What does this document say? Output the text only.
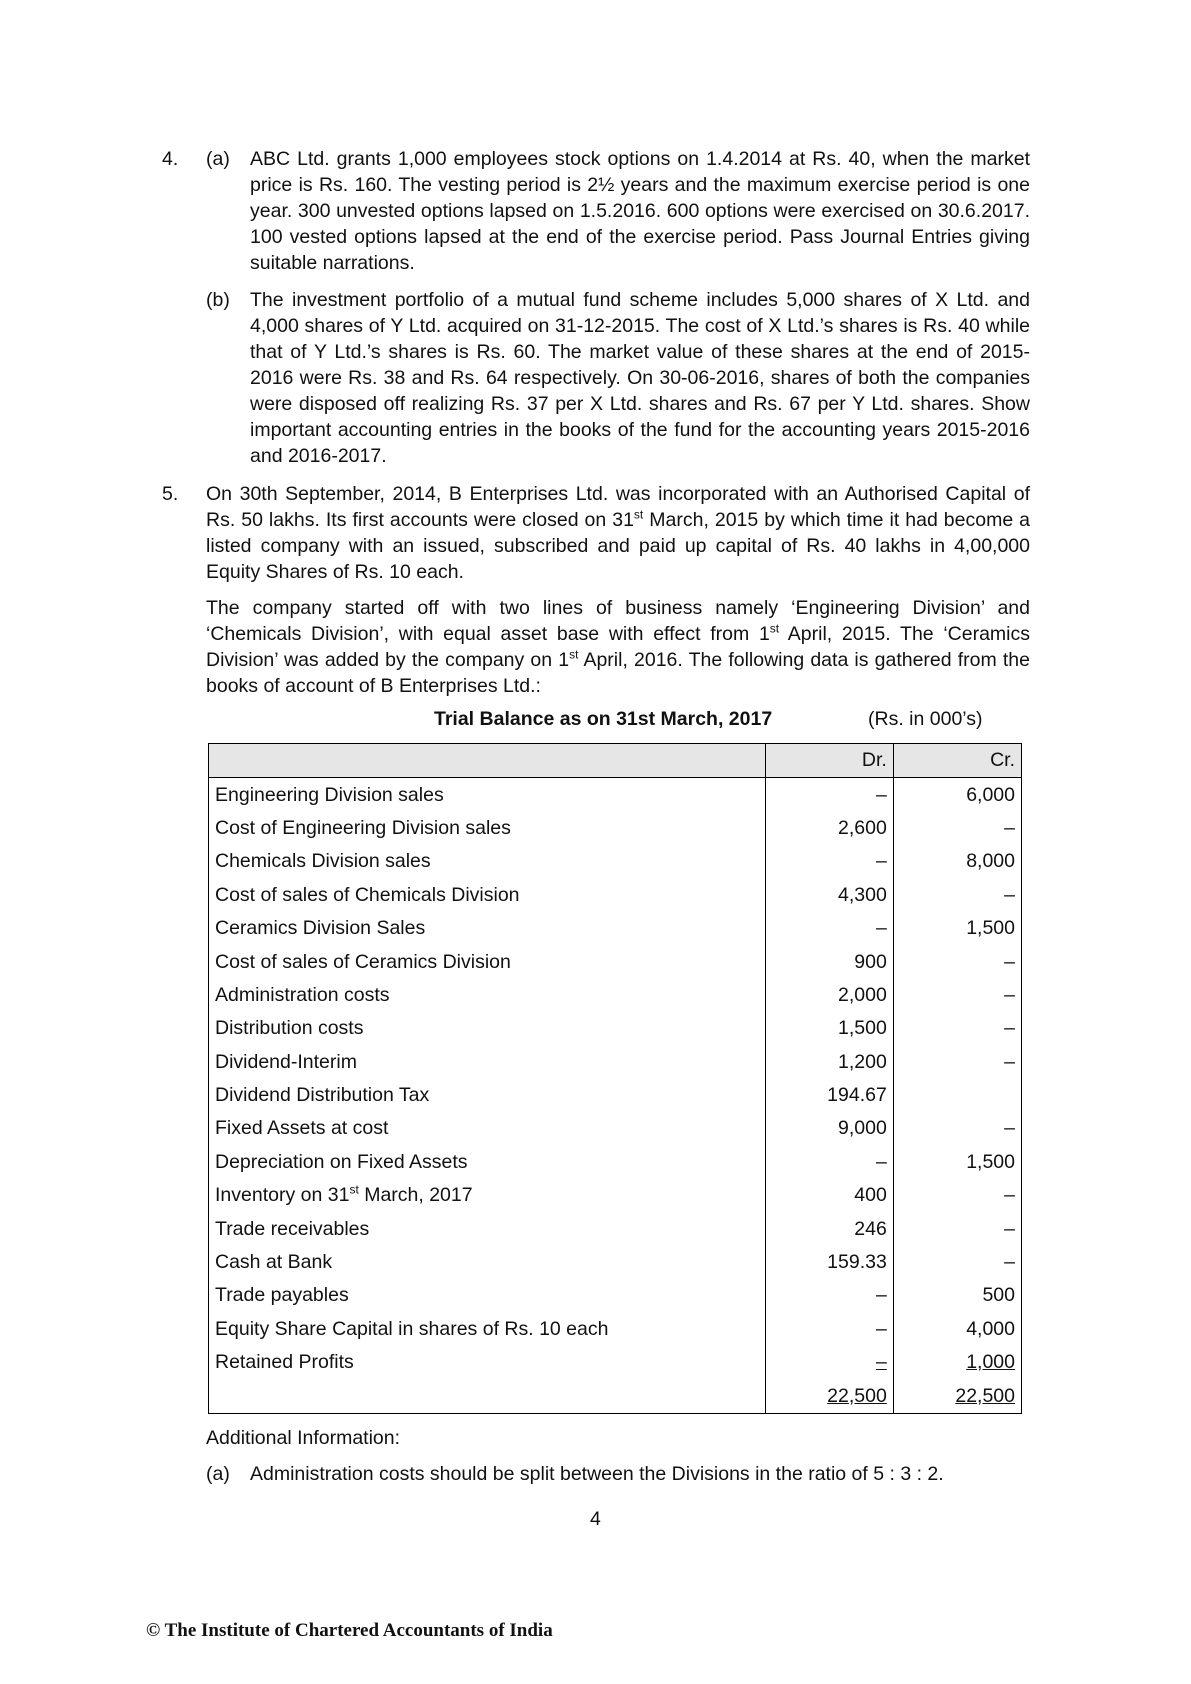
4. (a) ABC Ltd. grants 1,000 employees stock options on 1.4.2014 at Rs. 40, when the market price is Rs. 160. The vesting period is 2½ years and the maximum exercise period is one year. 300 unvested options lapsed on 1.5.2016. 600 options were exercised on 30.6.2017. 100 vested options lapsed at the end of the exercise period. Pass Journal Entries giving suitable narrations.
(b) The investment portfolio of a mutual fund scheme includes 5,000 shares of X Ltd. and 4,000 shares of Y Ltd. acquired on 31-12-2015. The cost of X Ltd.’s shares is Rs. 40 while that of Y Ltd.’s shares is Rs. 60. The market value of these shares at the end of 2015-2016 were Rs. 38 and Rs. 64 respectively. On 30-06-2016, shares of both the companies were disposed off realizing Rs. 37 per X Ltd. shares and Rs. 67 per Y Ltd. shares. Show important accounting entries in the books of the fund for the accounting years 2015-2016 and 2016-2017.
5. On 30th September, 2014, B Enterprises Ltd. was incorporated with an Authorised Capital of Rs. 50 lakhs. Its first accounts were closed on 31st March, 2015 by which time it had become a listed company with an issued, subscribed and paid up capital of Rs. 40 lakhs in 4,00,000 Equity Shares of Rs. 10 each.
The company started off with two lines of business namely ‘Engineering Division’ and ‘Chemicals Division’, with equal asset base with effect from 1st April, 2015. The ‘Ceramics Division’ was added by the company on 1st April, 2016. The following data is gathered from the books of account of B Enterprises Ltd.:
Trial Balance as on 31st March, 2017	(Rs. in 000’s)
	Dr.	Cr.
Engineering Division sales	–	6,000
Cost of Engineering Division sales	2,600	–
Chemicals Division sales	–	8,000
Cost of sales of Chemicals Division	4,300	–
Ceramics Division Sales	–	1,500
Cost of sales of Ceramics Division	900	–
Administration costs	2,000	–
Distribution costs	1,500	–
Dividend-Interim	1,200	–
Dividend Distribution Tax	194.67	
Fixed Assets at cost	9,000	–
Depreciation on Fixed Assets	–	1,500
Inventory on 31st March, 2017	400	–
Trade receivables	246	–
Cash at Bank	159.33	–
Trade payables	–	500
Equity Share Capital in shares of Rs. 10 each	–	4,000
Retained Profits	–	1,000
	22,500	22,500
Additional Information:
(a) Administration costs should be split between the Divisions in the ratio of 5 : 3 : 2.
4
© The Institute of Chartered Accountants of India
